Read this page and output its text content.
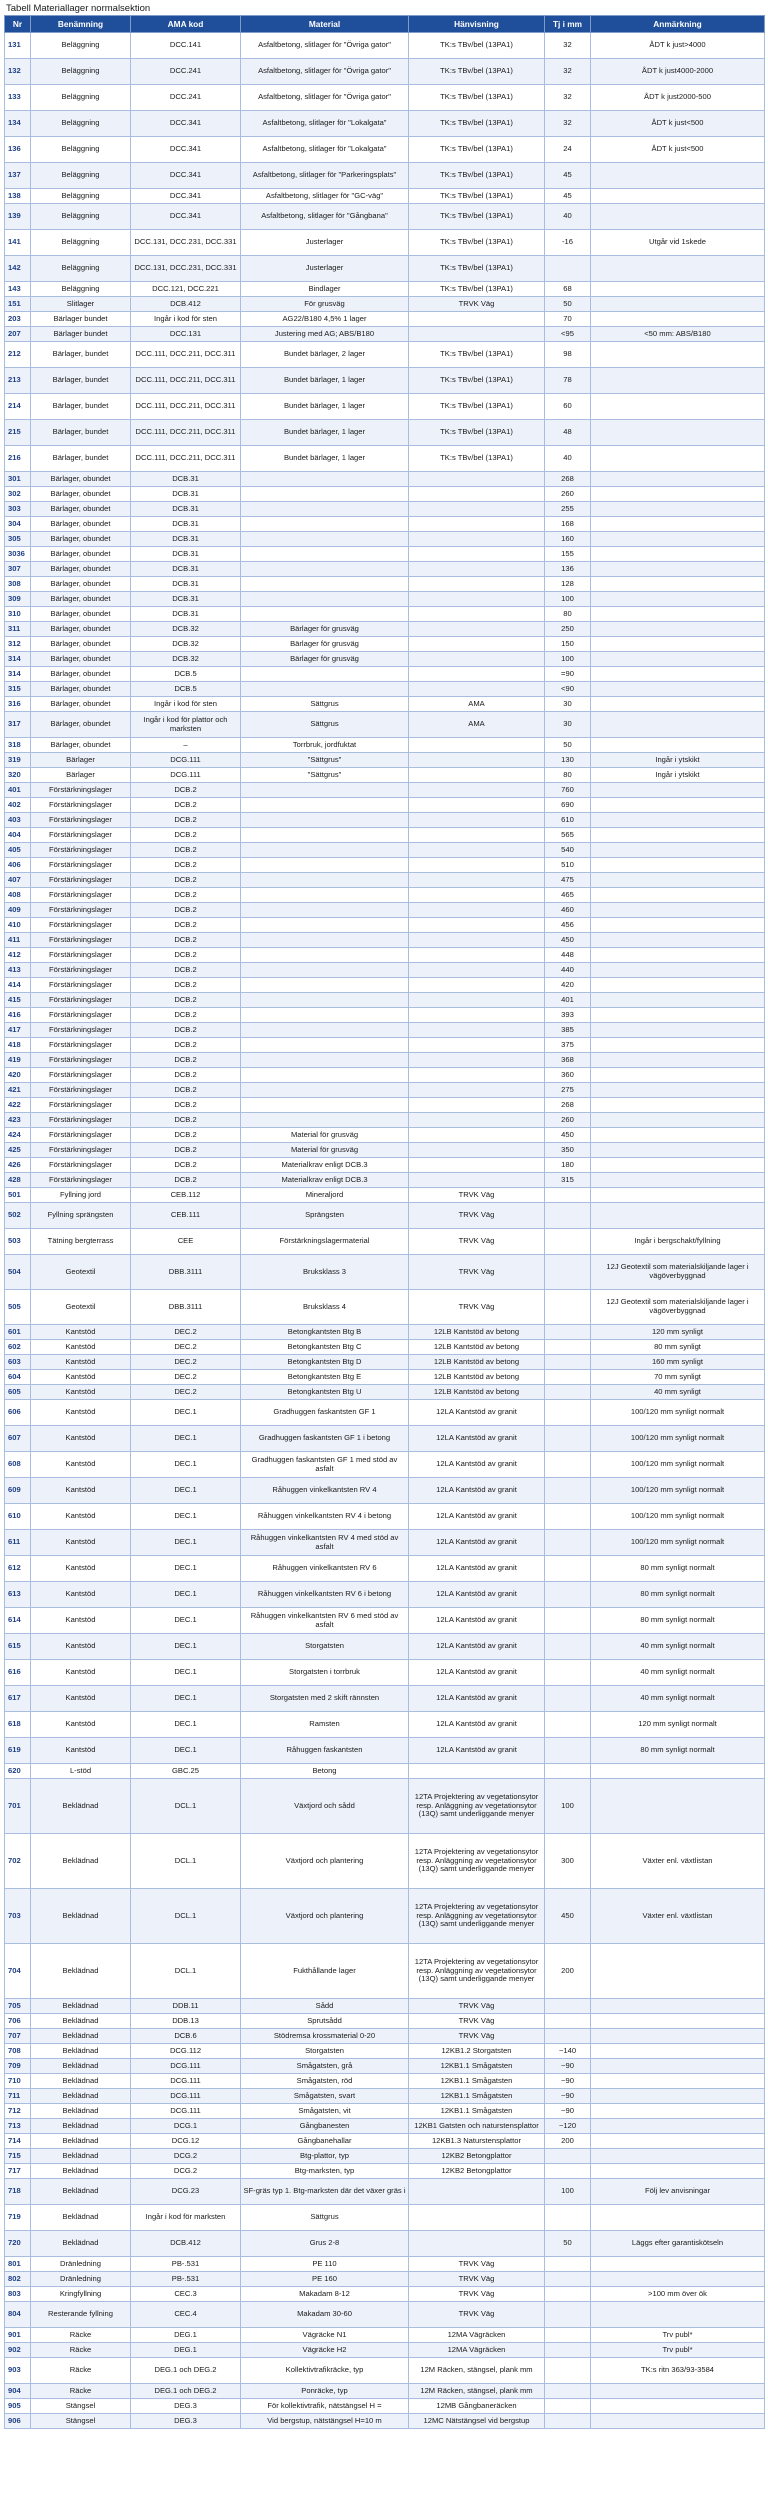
Tabell Materiallager normalsektion
Nr	Benämning	AMA kod	Material	Hänvisning	Tj i mm	Anmärkning
131	Beläggning	DCC.141	Asfaltbetong, slitlager för "Övriga gator"	TK:s TBv/bel (13PA1)	32	ÅDT k just>4000
132	Beläggning	DCC.241	Asfaltbetong, slitlager för "Övriga gator"	TK:s TBv/bel (13PA1)	32	ÅDT k just4000-2000
133	Beläggning	DCC.241	Asfaltbetong, slitlager för "Övriga gator"	TK:s TBv/bel (13PA1)	32	ÅDT k just2000-500
134	Beläggning	DCC.341	Asfaltbetong, slitlager för "Lokalgata"	TK:s TBv/bel (13PA1)	32	ÅDT k just<500
136	Beläggning	DCC.341	Asfaltbetong, slitlager för "Lokalgata"	TK:s TBv/bel (13PA1)	24	ÅDT k just<500
137	Beläggning	DCC.341	Asfaltbetong, slitlager för "Parkeringsplats"	TK:s TBv/bel (13PA1)	45	
138	Beläggning	DCC.341	Asfaltbetong, slitlager för "GC-väg"	TK:s TBv/bel (13PA1)	45	
139	Beläggning	DCC.341	Asfaltbetong, slitlager för "Gångbana"	TK:s TBv/bel (13PA1)	40	
141	Beläggning	DCC.131, DCC.231, DCC.331	Justerlager	TK:s TBv/bel (13PA1)	-16	Utgår vid 1skede
142	Beläggning	DCC.131, DCC.231, DCC.331	Justerlager	TK:s TBv/bel (13PA1)		
143	Beläggning	DCC.121, DCC.221	Bindlager	TK:s TBv/bel (13PA1)	68	
151	Slitlager	DCB.412	För grusväg	TRVK Väg	50	
203	Bärlager bundet	Ingår i kod för sten	AG22/B180 4,5% 1 lager		70	
207	Bärlager bundet	DCC.131	Justering med AG; ABS/B180		<95	<50 mm: ABS/B180
212	Bärlager, bundet	DCC.111, DCC.211, DCC.311	Bundet bärlager, 2 lager	TK:s TBv/bel (13PA1)	98	
213	Bärlager, bundet	DCC.111, DCC.211, DCC.311	Bundet bärlager, 1 lager	TK:s TBv/bel (13PA1)	78	
214	Bärlager, bundet	DCC.111, DCC.211, DCC.311	Bundet bärlager, 1 lager	TK:s TBv/bel (13PA1)	60	
215	Bärlager, bundet	DCC.111, DCC.211, DCC.311	Bundet bärlager, 1 lager	TK:s TBv/bel (13PA1)	48	
216	Bärlager, bundet	DCC.111, DCC.211, DCC.311	Bundet bärlager, 1 lager	TK:s TBv/bel (13PA1)	40	
301	Bärlager, obundet	DCB.31			268	
302	Bärlager, obundet	DCB.31			260	
303	Bärlager, obundet	DCB.31			255	
304	Bärlager, obundet	DCB.31			168	
305	Bärlager, obundet	DCB.31			160	
3036	Bärlager, obundet	DCB.31			155	
307	Bärlager, obundet	DCB.31			136	
308	Bärlager, obundet	DCB.31			128	
309	Bärlager, obundet	DCB.31			100	
310	Bärlager, obundet	DCB.31			80	
311	Bärlager, obundet	DCB.32	Bärlager för grusväg		250	
312	Bärlager, obundet	DCB.32	Bärlager för grusväg		150	
314	Bärlager, obundet	DCB.32	Bärlager för grusväg		100	
314	Bärlager, obundet	DCB.5			=90	
315	Bärlager, obundet	DCB.5			<90	
316	Bärlager, obundet	Ingår i kod för sten	Sättgrus	AMA	30	
317	Bärlager, obundet	Ingår i kod för plattor och marksten	Sättgrus	AMA	30	
318	Bärlager, obundet	–	Torrbruk, jordfuktat		50	
319	Bärlager	DCG.111	"Sättgrus"		130	Ingår i ytskikt
320	Bärlager	DCG.111	"Sättgrus"		80	Ingår i ytskikt
401	Förstärkningslager	DCB.2			760	
402	Förstärkningslager	DCB.2			690	
403	Förstärkningslager	DCB.2			610	
404	Förstärkningslager	DCB.2			565	
405	Förstärkningslager	DCB.2			540	
406	Förstärkningslager	DCB.2			510	
407	Förstärkningslager	DCB.2			475	
408	Förstärkningslager	DCB.2			465	
409	Förstärkningslager	DCB.2			460	
410	Förstärkningslager	DCB.2			456	
411	Förstärkningslager	DCB.2			450	
412	Förstärkningslager	DCB.2			448	
413	Förstärkningslager	DCB.2			440	
414	Förstärkningslager	DCB.2			420	
415	Förstärkningslager	DCB.2			401	
416	Förstärkningslager	DCB.2			393	
417	Förstärkningslager	DCB.2			385	
418	Förstärkningslager	DCB.2			375	
419	Förstärkningslager	DCB.2			368	
420	Förstärkningslager	DCB.2			360	
421	Förstärkningslager	DCB.2			275	
422	Förstärkningslager	DCB.2			268	
423	Förstärkningslager	DCB.2			260	
424	Förstärkningslager	DCB.2	Material för grusväg		450	
425	Förstärkningslager	DCB.2	Material för grusväg		350	
426	Förstärkningslager	DCB.2	Materialkrav enligt DCB.3		180	
428	Förstärkningslager	DCB.2	Materialkrav enligt DCB.3		315	
501	Fyllning jord	CEB.112	Mineraljord	TRVK Väg		
502	Fyllning sprängsten	CEB.111	Sprängsten	TRVK Väg		
503	Tätning bergterrass	CEE	Förstärkningslagermaterial	TRVK Väg		Ingår i bergschakt/fyllning
504	Geotextil	DBB.3111	Bruksklass 3	TRVK Väg		12J Geotextil som materialskiljande lager i vägöverbyggnad
505	Geotextil	DBB.3111	Bruksklass 4	TRVK Väg		12J Geotextil som materialskiljande lager i vägöverbyggnad
601	Kantstöd	DEC.2	Betongkantsten Btg B	12LB Kantstöd av betong		120 mm synligt
602	Kantstöd	DEC.2	Betongkantsten Btg C	12LB Kantstöd av betong		80 mm synligt
603	Kantstöd	DEC.2	Betongkantsten Btg D	12LB Kantstöd av betong		160 mm synligt
604	Kantstöd	DEC.2	Betongkantsten Btg E	12LB Kantstöd av betong		70 mm synligt
605	Kantstöd	DEC.2	Betongkantsten Btg U	12LB Kantstöd av betong		40 mm synligt
606	Kantstöd	DEC.1	Gradhuggen faskantsten GF 1	12LA Kantstöd av granit		100/120 mm synligt normalt
607	Kantstöd	DEC.1	Gradhuggen faskantsten GF 1 i betong	12LA Kantstöd av granit		100/120 mm synligt normalt
608	Kantstöd	DEC.1	Gradhuggen faskantsten GF 1 med stöd av asfalt	12LA Kantstöd av granit		100/120 mm synligt normalt
609	Kantstöd	DEC.1	Råhuggen vinkelkantsten RV 4	12LA Kantstöd av granit		100/120 mm synligt normalt
610	Kantstöd	DEC.1	Råhuggen vinkelkantsten RV 4 i betong	12LA Kantstöd av granit		100/120 mm synligt normalt
611	Kantstöd	DEC.1	Råhuggen vinkelkantsten RV 4 med stöd av asfalt	12LA Kantstöd av granit		100/120 mm synligt normalt
612	Kantstöd	DEC.1	Råhuggen vinkelkantsten RV 6	12LA Kantstöd av granit		80 mm synligt normalt
613	Kantstöd	DEC.1	Råhuggen vinkelkantsten RV 6 i betong	12LA Kantstöd av granit		80 mm synligt normalt
614	Kantstöd	DEC.1	Råhuggen vinkelkantsten RV 6 med stöd av asfalt	12LA Kantstöd av granit		80 mm synligt normalt
615	Kantstöd	DEC.1	Storgatsten	12LA Kantstöd av granit		40 mm synligt normalt
616	Kantstöd	DEC.1	Storgatsten i torrbruk	12LA Kantstöd av granit		40 mm synligt normalt
617	Kantstöd	DEC.1	Storgatsten med 2 skift rännsten	12LA Kantstöd av granit		40 mm synligt normalt
618	Kantstöd	DEC.1	Ramsten	12LA Kantstöd av granit		120 mm synligt normalt
619	Kantstöd	DEC.1	Råhuggen faskantsten	12LA Kantstöd av granit		80 mm synligt normalt
620	L-stöd	GBC.25	Betong			
701	Beklädnad	DCL.1	Växtjord och sådd	12TA Projektering av vegetationsytor resp. Anläggning av vegetationsytor (13Q) samt underliggande menyer	100	
702	Beklädnad	DCL.1	Växtjord och plantering	12TA Projektering av vegetationsytor resp. Anläggning av vegetationsytor (13Q) samt underliggande menyer	300	Växter enl. växtlistan
703	Beklädnad	DCL.1	Växtjord och plantering	12TA Projektering av vegetationsytor resp. Anläggning av vegetationsytor (13Q) samt underliggande menyer	450	Växter enl. växtlistan
704	Beklädnad	DCL.1	Fukthållande lager	12TA Projektering av vegetationsytor resp. Anläggning av vegetationsytor (13Q) samt underliggande menyer	200	
705	Beklädnad	DDB.11	Sådd	TRVK Väg		
706	Beklädnad	DDB.13	Sprutsådd	TRVK Väg		
707	Beklädnad	DCB.6	Stödremsa krossmaterial 0-20	TRVK Väg		
708	Beklädnad	DCG.112	Storgatsten	12KB1.2 Storgatsten	~140	
709	Beklädnad	DCG.111	Smågatsten, grå	12KB1.1 Smågatsten	~90	
710	Beklädnad	DCG.111	Smågatsten, röd	12KB1.1 Smågatsten	~90	
711	Beklädnad	DCG.111	Smågatsten, svart	12KB1.1 Smågatsten	~90	
712	Beklädnad	DCG.111	Smågatsten, vit	12KB1.1 Smågatsten	~90	
713	Beklädnad	DCG.1	Gångbanesten	12KB1 Gatsten och naturstensplattor	~120	
714	Beklädnad	DCG.12	Gångbanehallar	12KB1.3 Naturstensplattor	200	
715	Beklädnad	DCG.2	Btg-plattor, typ	12KB2 Betongplattor		
717	Beklädnad	DCG.2	Btg-marksten, typ	12KB2 Betongplattor		
718	Beklädnad	DCG.23	SF-gräs typ 1. Btg-marksten där det växer gräs i		100	Följ lev anvisningar
719	Beklädnad	Ingår i kod för marksten	Sättgrus			
720	Beklädnad	DCB.412	Grus 2-8		50	Läggs efter garantiskötseln
801	Dränledning	PB-.531	PE 110	TRVK Väg		
802	Dränledning	PB-.531	PE 160	TRVK Väg		
803	Kringfyllning	CEC.3	Makadam 8-12	TRVK Väg		>100 mm över ök
804	Resterande fyllning	CEC.4	Makadam 30-60	TRVK Väg		
901	Räcke	DEG.1	Vägräcke N1	12MA Vägräcken		Trv publ*
902	Räcke	DEG.1	Vägräcke H2	12MA Vägräcken		Trv publ*
903	Räcke	DEG.1 och DEG.2	Kollektivtrafikräcke, typ	12M Räcken, stängsel, plank mm		TK:s ritn 363/93-3584
904	Räcke	DEG.1 och DEG.2	Ponräcke, typ	12M Räcken, stängsel, plank mm		
905	Stängsel	DEG.3	För kollektivtrafik, nätstängsel H =	12MB Gångbaneräcken		
906	Stängsel	DEG.3	Vid bergstup, nätstängsel H=10 m	12MC Nätstängsel vid bergstup		
